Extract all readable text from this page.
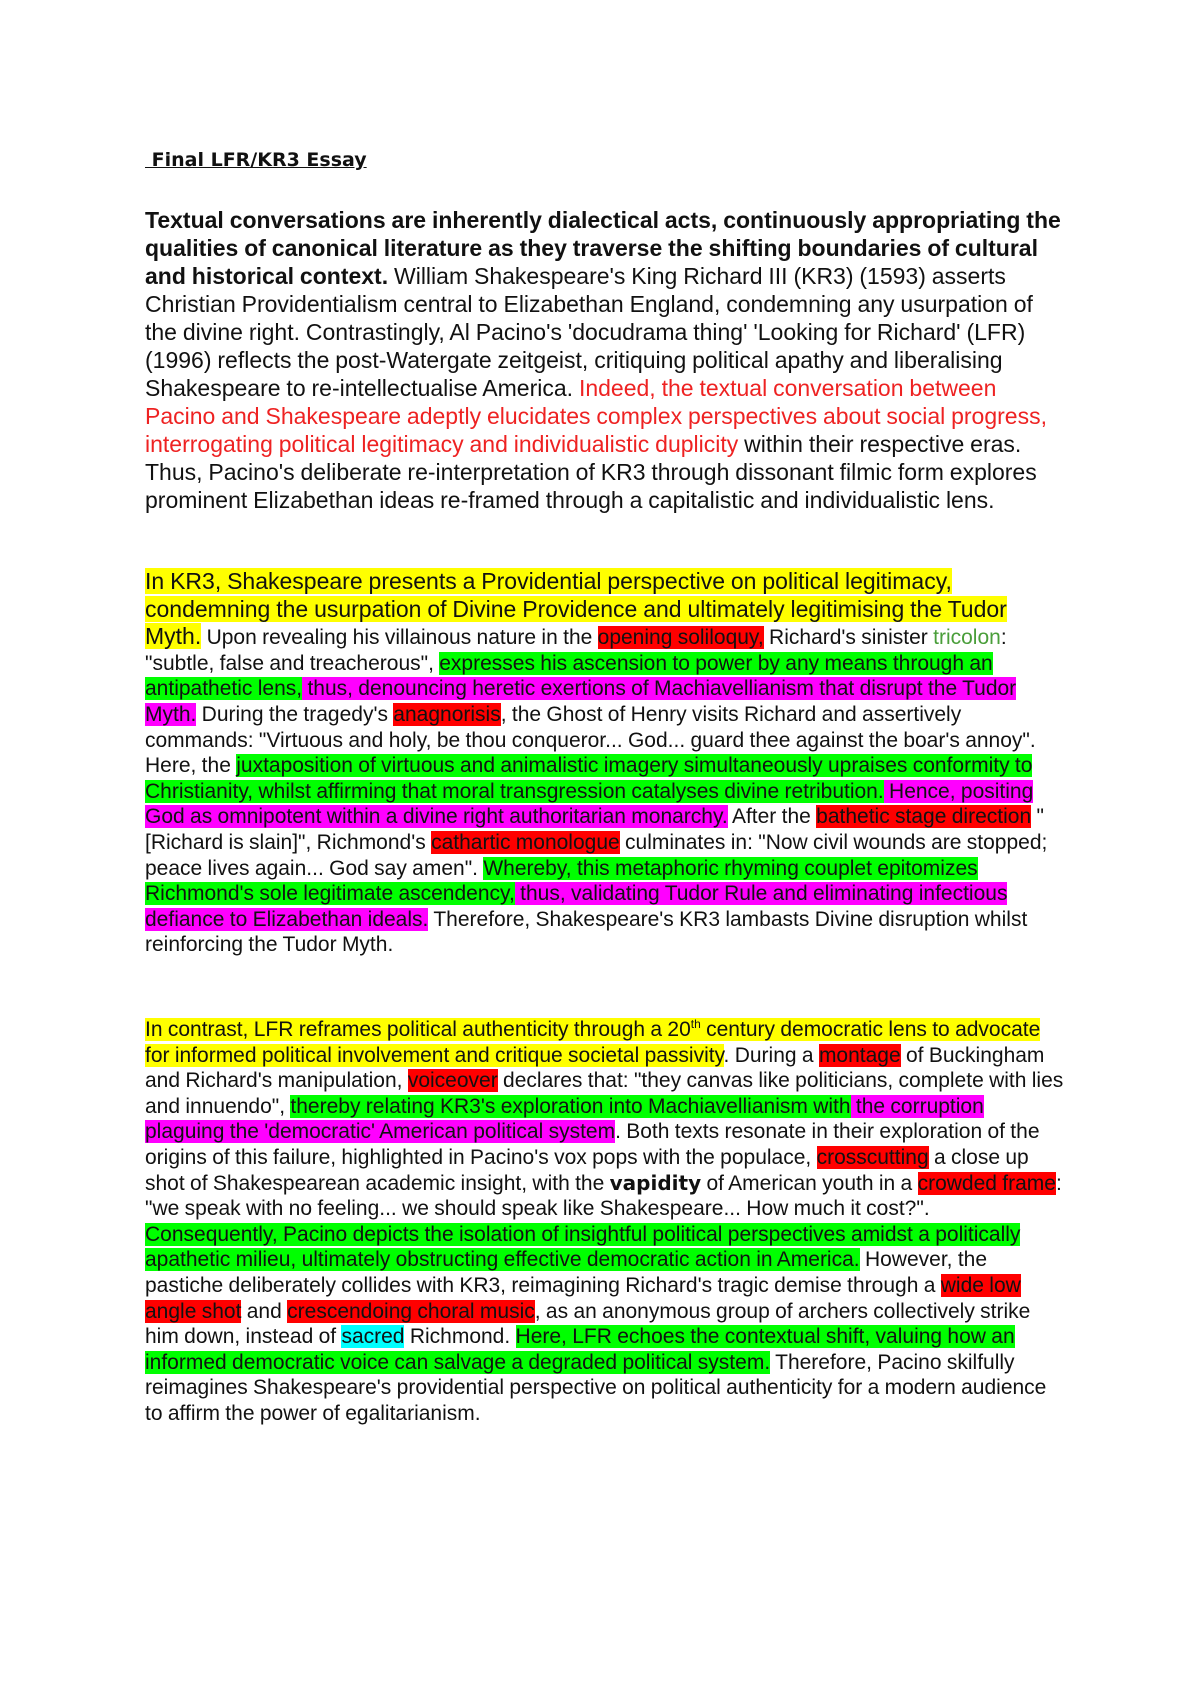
Final LFR/KR3 Essay

Textual conversations are inherently dialectical acts, continuously appropriating the qualities of canonical literature as they traverse the shifting boundaries of cultural and historical context. William Shakespeare's King Richard III (KR3) (1593) asserts Christian Providentialism central to Elizabethan England, condemning any usurpation of the divine right. Contrastingly, Al Pacino's 'docudrama thing' 'Looking for Richard' (LFR) (1996) reflects the post-Watergate zeitgeist, critiquing political apathy and liberalising Shakespeare to re-intellectualise America. Indeed, the textual conversation between Pacino and Shakespeare adeptly elucidates complex perspectives about social progress, interrogating political legitimacy and individualistic duplicity within their respective eras. Thus, Pacino's deliberate re-interpretation of KR3 through dissonant filmic form explores prominent Elizabethan ideas re-framed through a capitalistic and individualistic lens.

In KR3, Shakespeare presents a Providential perspective on political legitimacy, condemning the usurpation of Divine Providence and ultimately legitimising the Tudor Myth. Upon revealing his villainous nature in the opening soliloquy, Richard's sinister tricolon: "subtle, false and treacherous", expresses his ascension to power by any means through an antipathetic lens, thus, denouncing heretic exertions of Machiavellianism that disrupt the Tudor Myth. During the tragedy's anagnorisis, the Ghost of Henry visits Richard and assertively commands: "Virtuous and holy, be thou conqueror... God... guard thee against the boar's annoy". Here, the juxtaposition of virtuous and animalistic imagery simultaneously upraises conformity to Christianity, whilst affirming that moral transgression catalyses divine retribution. Hence, positing God as omnipotent within a divine right authoritarian monarchy. After the bathetic stage direction "[Richard is slain]", Richmond's cathartic monologue culminates in: "Now civil wounds are stopped; peace lives again... God say amen". Whereby, this metaphoric rhyming couplet epitomizes Richmond's sole legitimate ascendency, thus, validating Tudor Rule and eliminating infectious defiance to Elizabethan ideals. Therefore, Shakespeare's KR3 lambasts Divine disruption whilst reinforcing the Tudor Myth.

In contrast, LFR reframes political authenticity through a 20th century democratic lens to advocate for informed political involvement and critique societal passivity. During a montage of Buckingham and Richard's manipulation, voiceover declares that: "they canvas like politicians, complete with lies and innuendo", thereby relating KR3's exploration into Machiavellianism with the corruption plaguing the 'democratic' American political system. Both texts resonate in their exploration of the origins of this failure, highlighted in Pacino's vox pops with the populace, crosscutting a close up shot of Shakespearean academic insight, with the vapidity of American youth in a crowded frame: "we speak with no feeling... we should speak like Shakespeare... How much it cost?". Consequently, Pacino depicts the isolation of insightful political perspectives amidst a politically apathetic milieu, ultimately obstructing effective democratic action in America. However, the pastiche deliberately collides with KR3, reimagining Richard's tragic demise through a wide low angle shot and crescendoing choral music, as an anonymous group of archers collectively strike him down, instead of sacred Richmond. Here, LFR echoes the contextual shift, valuing how an informed democratic voice can salvage a degraded political system. Therefore, Pacino skilfully reimagines Shakespeare's providential perspective on political authenticity for a modern audience to affirm the power of egalitarianism.
